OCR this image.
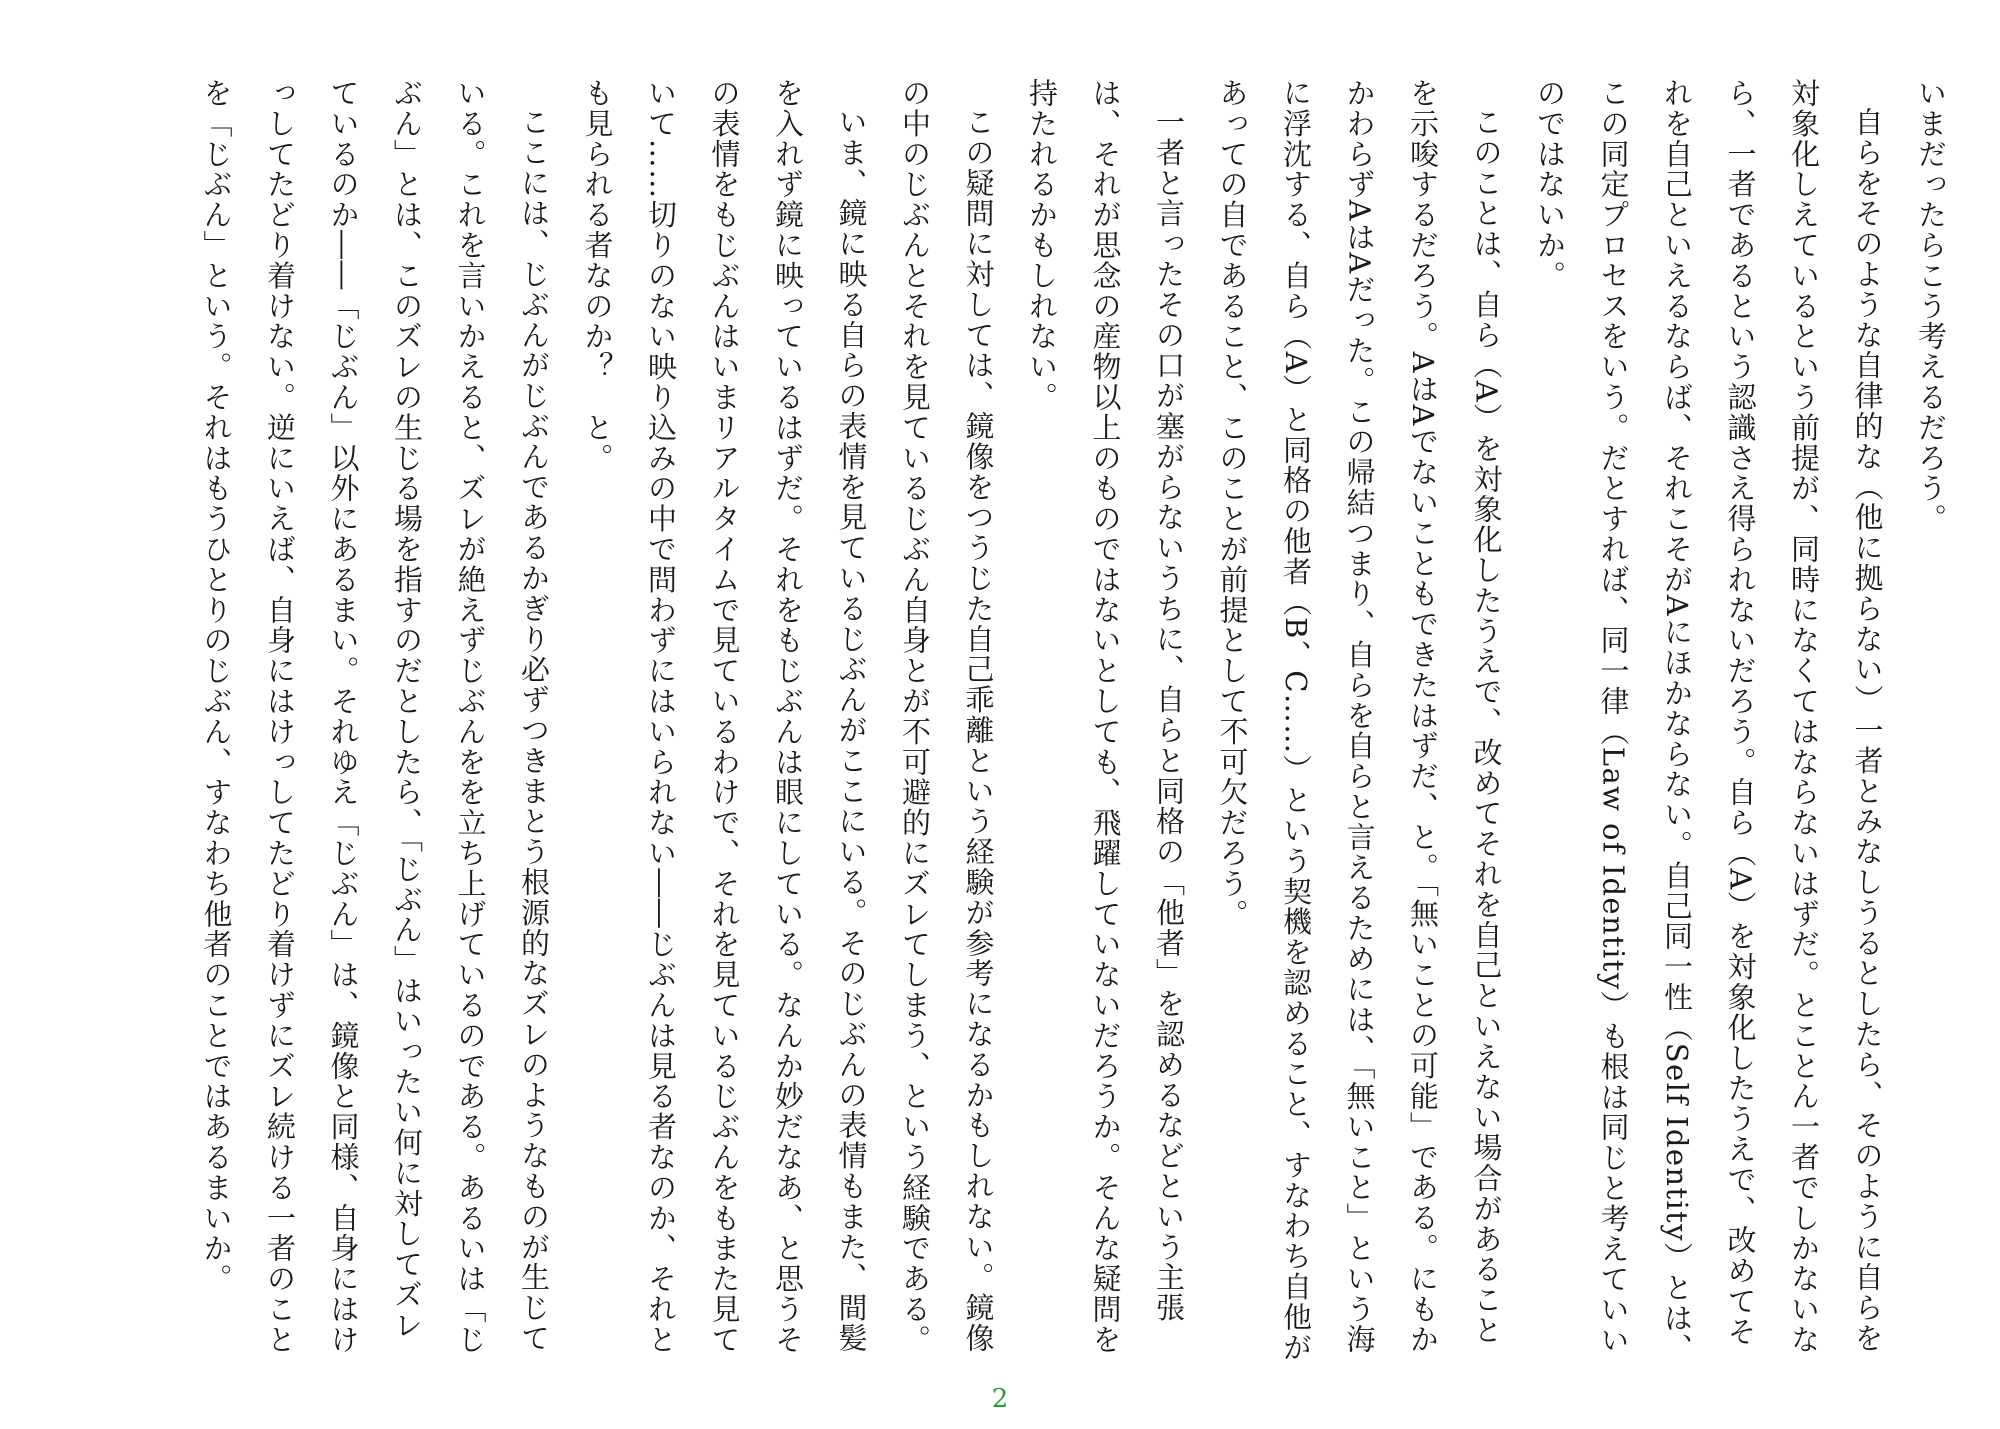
いまだったらこう考えるだろう。

自らをそのような自律的な（他に拠らない）一者とみなしうるとしたら、そのように自らを対象化しえているという前提が、同時になくてはならないはずだ。とことん一者でしかないなら、一者であるという認識さえ得られないだろう。自ら（A）を対象化したうえで、改めてそれを自己といえるならば、それこそがAにほかならない。自己同一性（Self Identity）とは、この同定プロセスをいう。だとすれば、同一律（Law of Identity）も根は同じと考えていいのではないか。

このことは、自ら（A）を対象化したうえで、改めてそれを自己といえない場合があることを示唆するだろう。AはAでないこともできたはずだ、と。「無いことの可能」である。にもかかわらずAはAだった。この帰結つまり、自らを自らと言えるためには、「無いこと」という海に浮沈する、自ら（A）と同格の他者（B、C……）という契機を認めること、すなわち自他があっての自であること、このことが前提として不可欠だろう。

一者と言ったその口が塞がらないうちに、自らと同格の「他者」を認めるなどという主張は、それが思念の産物以上のものではないとしても、飛躍していないだろうか。そんな疑問を持たれるかもしれない。

この疑問に対しては、鏡像をつうじた自己乖離という経験が参考になるかもしれない。鏡像の中のじぶんとそれを見ているじぶん自身とが不可避的にズレてしまう、という経験である。

いま、鏡に映る自らの表情を見ているじぶんがここにいる。そのじぶんの表情もまた、間髪を入れず鏡に映っているはずだ。それをもじぶんは眼にしている。なんか妙だなあ、と思うその表情をもじぶんはいまリアルタイムで見ているわけで、それを見ているじぶんをもまた見ていて……切りのない映り込みの中で問わずにはいられない――じぶんは見る者なのか、それとも見られる者なのか？　と。

ここには、じぶんがじぶんであるかぎり必ずつきまとう根源的なズレのようなものが生じている。これを言いかえると、ズレが絶えずじぶんをを立ち上げているのである。あるいは「じぶん」とは、このズレの生じる場を指すのだとしたら、「じぶん」はいったい何に対してズレているのか――「じぶん」以外にあるまい。それゆえ「じぶん」は、鏡像と同様、自身にはけっしてたどり着けない。逆にいえば、自身にはけっしてたどり着けずにズレ続ける一者のことを「じぶん」という。それはもうひとりのじぶん、すなわち他者のことではあるまいか。

2
